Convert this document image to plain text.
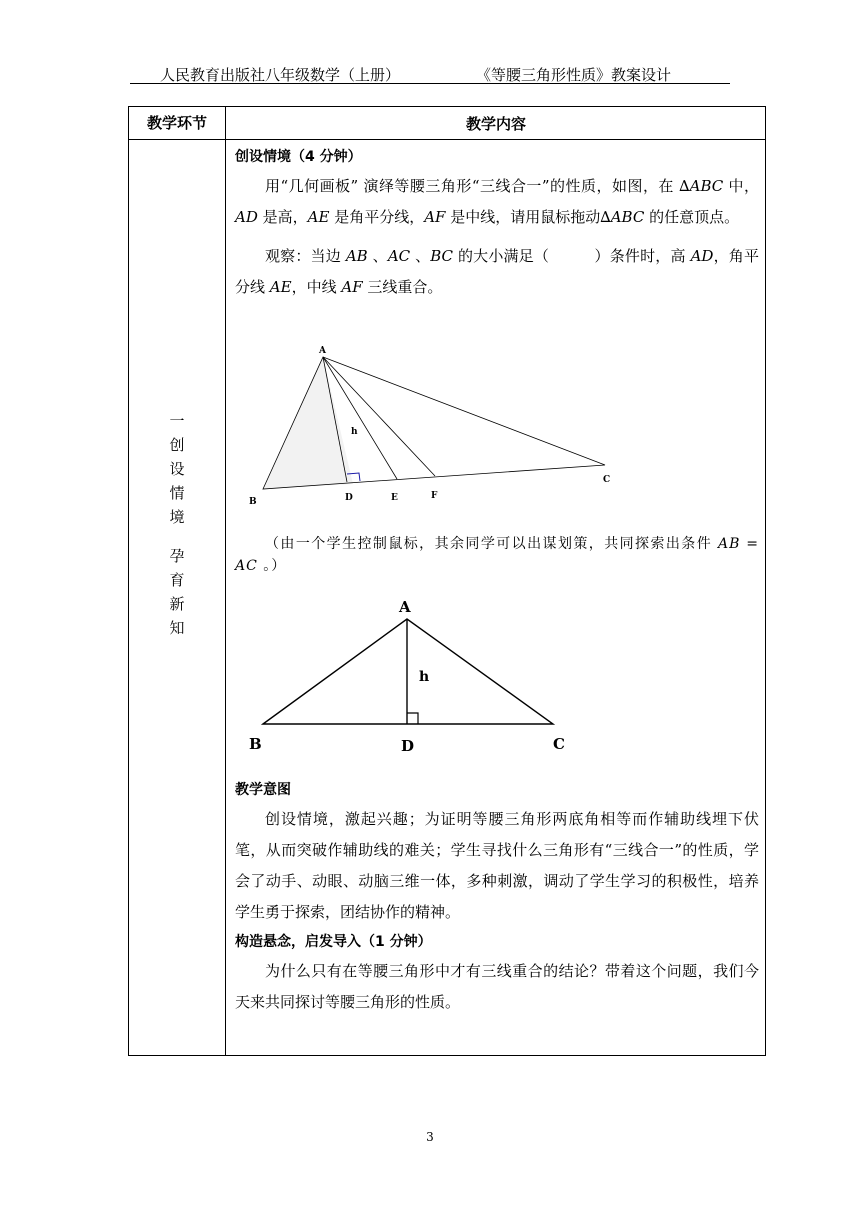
人民教育出版社八年级数学（上册）	《等腰三角形性质》教案设计
教学环节	教学内容
一
创
设
情
境
孕
育
新
知
创设情境（4 分钟）
用“几何画板” 演绎等腰三角形“三线合一”的性质，如图，在 ∆ABC 中，AD 是高，AE 是角平分线，AF 是中线，请用鼠标拖动∆ABC 的任意顶点。
观察：当边 AB 、AC 、BC 的大小满足（　　　）条件时，高 AD，角平分线 AE，中线 AF 三线重合。
A
B
C
D	E	F
h
（由一个学生控制鼠标，其余同学可以出谋划策，共同探索出条件 AB = AC 。）
A
B	C
D
h
教学意图
创设情境，激起兴趣；为证明等腰三角形两底角相等而作辅助线埋下伏笔，从而突破作辅助线的难关；学生寻找什么三角形有“三线合一”的性质，学会了动手、动眼、动脑三维一体，多种刺激，调动了学生学习的积极性，培养学生勇于探索，团结协作的精神。
构造悬念，启发导入（1 分钟）
为什么只有在等腰三角形中才有三线重合的结论？带着这个问题，我们今天来共同探讨等腰三角形的性质。
3
